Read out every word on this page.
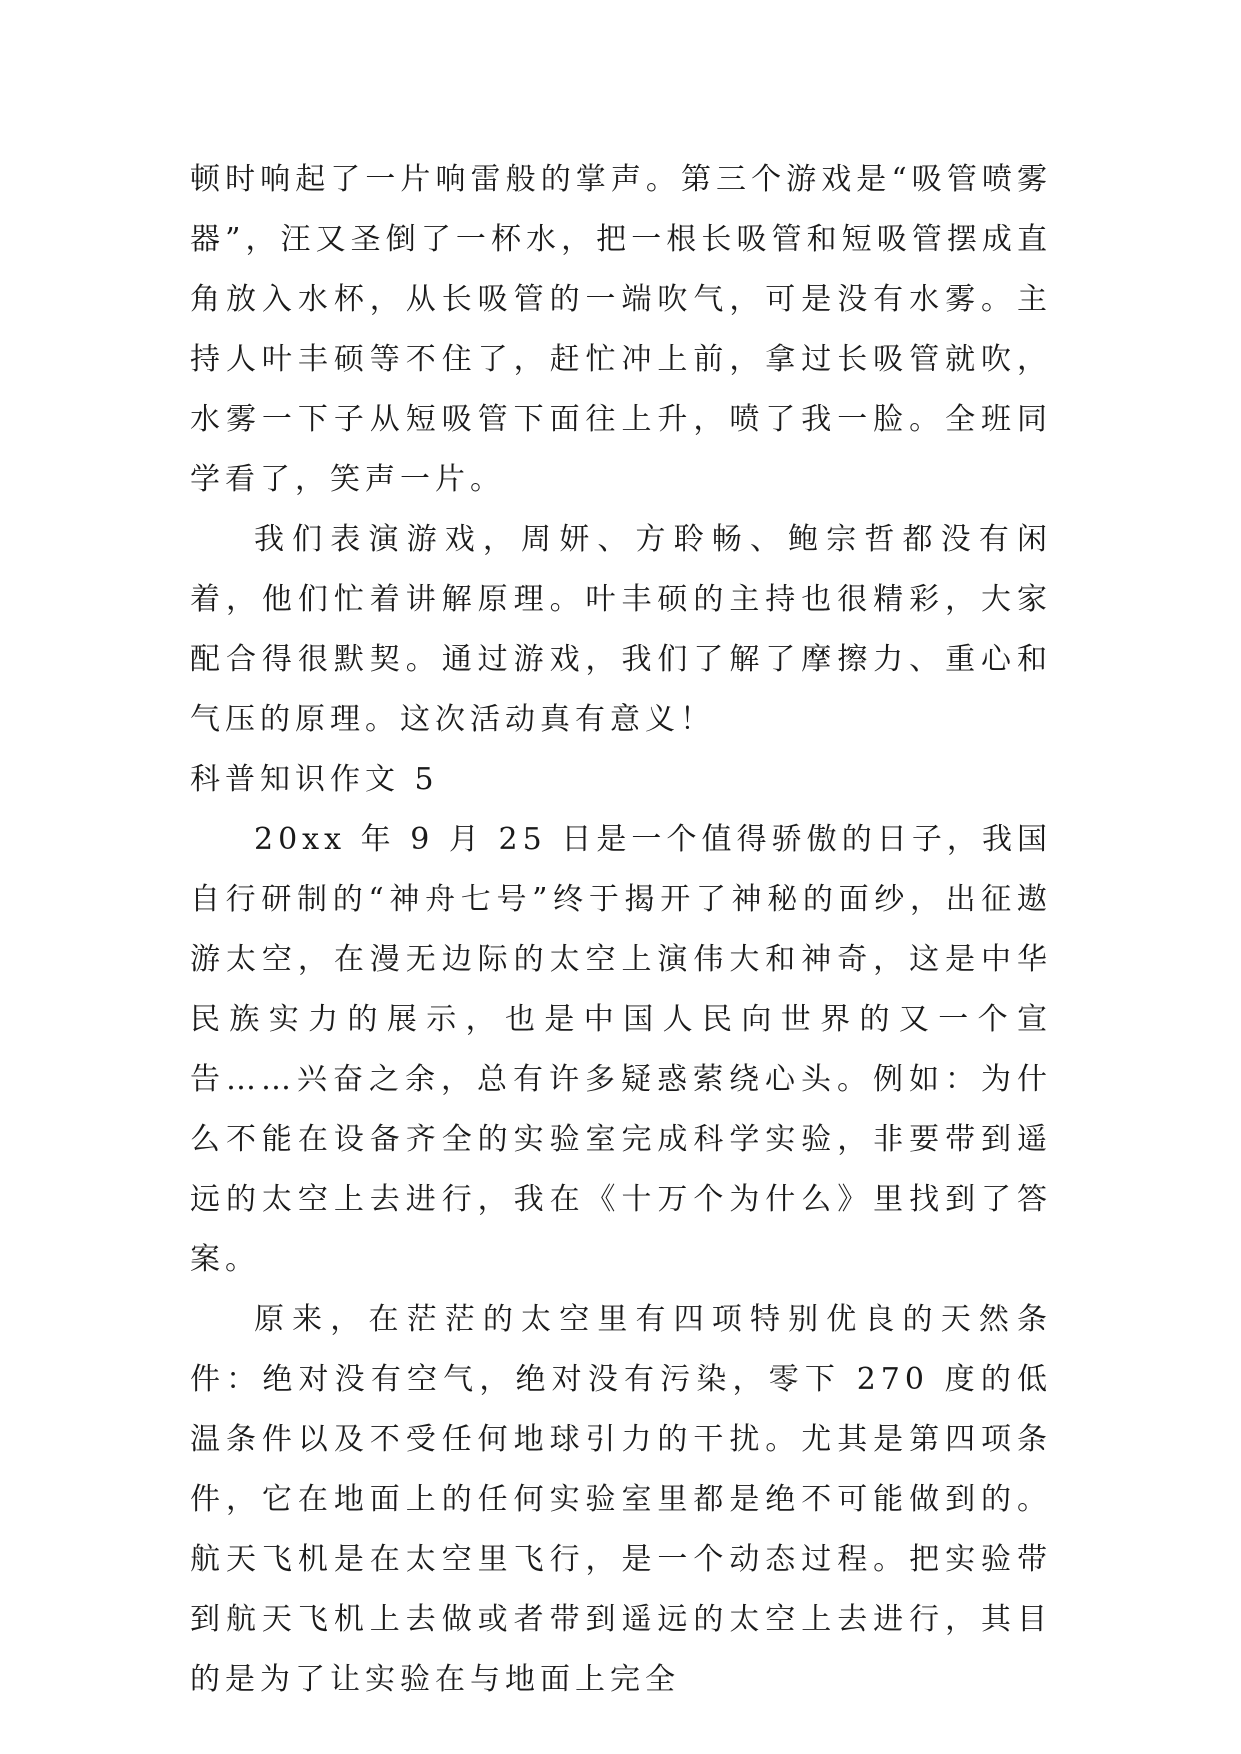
顿时响起了一片响雷般的掌声。第三个游戏是“吸管喷雾器”，汪又圣倒了一杯水，把一根长吸管和短吸管摆成直角放入水杯，从长吸管的一端吹气，可是没有水雾。主持人叶丰硕等不住了，赶忙冲上前，拿过长吸管就吹，水雾一下子从短吸管下面往上升，喷了我一脸。全班同学看了，笑声一片。

我们表演游戏，周妍、方聆畅、鲍宗哲都没有闲着，他们忙着讲解原理。叶丰硕的主持也很精彩，大家配合得很默契。通过游戏，我们了解了摩擦力、重心和气压的原理。这次活动真有意义！

科普知识作文 5

20xx 年 9 月 25 日是一个值得骄傲的日子，我国自行研制的“神舟七号”终于揭开了神秘的面纱，出征遨游太空，在漫无边际的太空上演伟大和神奇，这是中华民族实力的展示，也是中国人民向世界的又一个宣告……兴奋之余，总有许多疑惑萦绕心头。例如：为什么不能在设备齐全的实验室完成科学实验，非要带到遥远的太空上去进行，我在《十万个为什么》里找到了答案。

原来，在茫茫的太空里有四项特别优良的天然条件：绝对没有空气，绝对没有污染，零下 270 度的低温条件以及不受任何地球引力的干扰。尤其是第四项条件，它在地面上的任何实验室里都是绝不可能做到的。航天飞机是在太空里飞行，是一个动态过程。把实验带到航天飞机上去做或者带到遥远的太空上去进行，其目的是为了让实验在与地面上完全
